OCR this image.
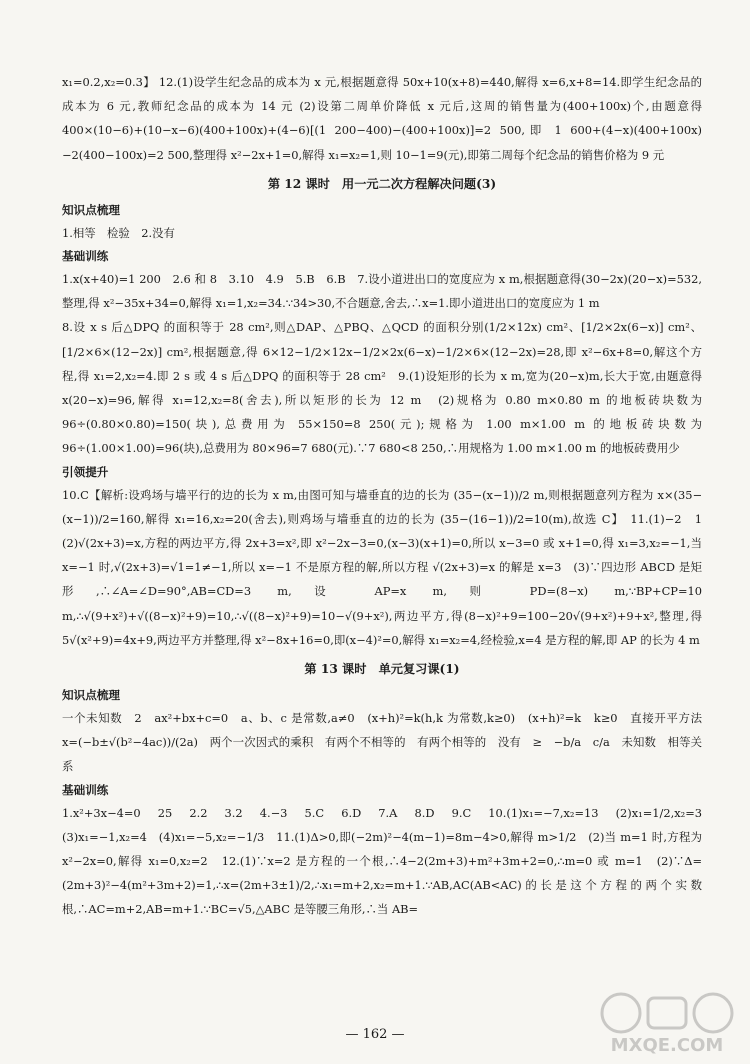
x₁=0.2,x₂=0.3】 12.(1)设学生纪念品的成本为 x 元,根据题意得 50x+10(x+8)=440,解得 x=6,x+8=14.即学生纪念品的成本为 6 元,教师纪念品的成本为 14 元 (2)设第二周单价降低 x 元后,这周的销售量为(400+100x)个,由题意得 400×(10−6)+(10−x−6)(400+100x)+(4−6)[(1 200−400)−(400+100x)]=2 500,即 1 600+(4−x)(400+100x)−2(400−100x)=2 500,整理得 x²−2x+1=0,解得 x₁=x₂=1,则 10−1=9(元),即第二周每个纪念品的销售价格为 9 元
第 12 课时　用一元二次方程解决问题(3)
知识点梳理
1.相等　检验　2.没有
基础训练
1.x(x+40)=1 200　2.6 和 8　3.10　4.9　5.B　6.B　7.设小道进出口的宽度应为 x m,根据题意得(30−2x)(20−x)=532,整理,得 x²−35x+34=0,解得 x₁=1,x₂=34.∵34>30,不合题意,舍去,∴x=1.即小道进出口的宽度应为 1 m
8.设 x s 后△DPQ 的面积等于 28 cm²,则△DAP、△PBQ、△QCD 的面积分别(1/2×12x) cm²、[1/2×2x(6−x)] cm²、[1/2×6×(12−2x)] cm²,根据题意,得 6×12−1/2×12x−1/2×2x(6−x)−1/2×6×(12−2x)=28,即 x²−6x+8=0,解这个方程,得 x₁=2,x₂=4.即 2 s 或 4 s 后△DPQ 的面积等于 28 cm²　9.(1)设矩形的长为 x m,宽为(20−x)m,长大于宽,由题意得 x(20−x)=96,解得 x₁=12,x₂=8(舍去),所以矩形的长为 12 m　(2)规格为 0.80 m×0.80 m 的地板砖块数为 96÷(0.80×0.80)=150(块),总费用为 55×150=8 250(元);规格为 1.00 m×1.00 m 的地板砖块数为 96÷(1.00×1.00)=96(块),总费用为 80×96=7 680(元).∵7 680<8 250,∴用规格为 1.00 m×1.00 m 的地板砖费用少
引领提升
10.C【解析:设鸡场与墙平行的边的长为 x m,由图可知与墙垂直的边的长为 (35−(x−1))/2 m,则根据题意列方程为 x×(35−(x−1))/2=160,解得 x₁=16,x₂=20(舍去),则鸡场与墙垂直的边的长为 (35−(16−1))/2=10(m),故选 C】　11.(1)−2　1　(2)√(2x+3)=x,方程的两边平方,得 2x+3=x²,即 x²−2x−3=0,(x−3)(x+1)=0,所以 x−3=0 或 x+1=0,得 x₁=3,x₂=−1,当 x=−1 时,√(2x+3)=√1=1≠−1,所以 x=−1 不是原方程的解,所以方程 √(2x+3)=x 的解是 x=3　(3)∵四边形 ABCD 是矩形,∴∠A=∠D=90°,AB=CD=3 m,设 AP=x m,则 PD=(8−x) m,∵BP+CP=10 m,∴√(9+x²)+√((8−x)²+9)=10,∴√((8−x)²+9)=10−√(9+x²),两边平方,得(8−x)²+9=100−20√(9+x²)+9+x²,整理,得 5√(x²+9)=4x+9,两边平方并整理,得 x²−8x+16=0,即(x−4)²=0,解得 x₁=x₂=4,经检验,x=4 是方程的解,即 AP 的长为 4 m
第 13 课时　单元复习课(1)
知识点梳理
一个未知数　2　ax²+bx+c=0　a、b、c 是常数,a≠0　(x+h)²=k(h,k 为常数,k≥0)　(x+h)²=k　k≥0　直接开平方法　x=(−b±√(b²−4ac))/(2a)　两个一次因式的乘积　有两个不相等的　有两个相等的　没有　≥　−b/a　c/a　未知数　相等关系
基础训练
1.x²+3x−4=0　25　2.2　3.2　4.−3　5.C　6.D　7.A　8.D　9.C　10.(1)x₁=−7,x₂=13　(2)x₁=1/2,x₂=3　(3)x₁=−1,x₂=4　(4)x₁=−5,x₂=−1/3　11.(1)Δ>0,即(−2m)²−4(m−1)=8m−4>0,解得 m>1/2　(2)当 m=1 时,方程为 x²−2x=0,解得 x₁=0,x₂=2　12.(1)∵x=2 是方程的一个根,∴4−2(2m+3)+m²+3m+2=0,∴m=0 或 m=1　(2)∵Δ=(2m+3)²−4(m²+3m+2)=1,∴x=(2m+3±1)/2,∴x₁=m+2,x₂=m+1.∵AB,AC(AB<AC)的长是这个方程的两个实数根,∴AC=m+2,AB=m+1.∵BC=√5,△ABC 是等腰三角形,∴当 AB=
— 162 —
MXQE.COM
